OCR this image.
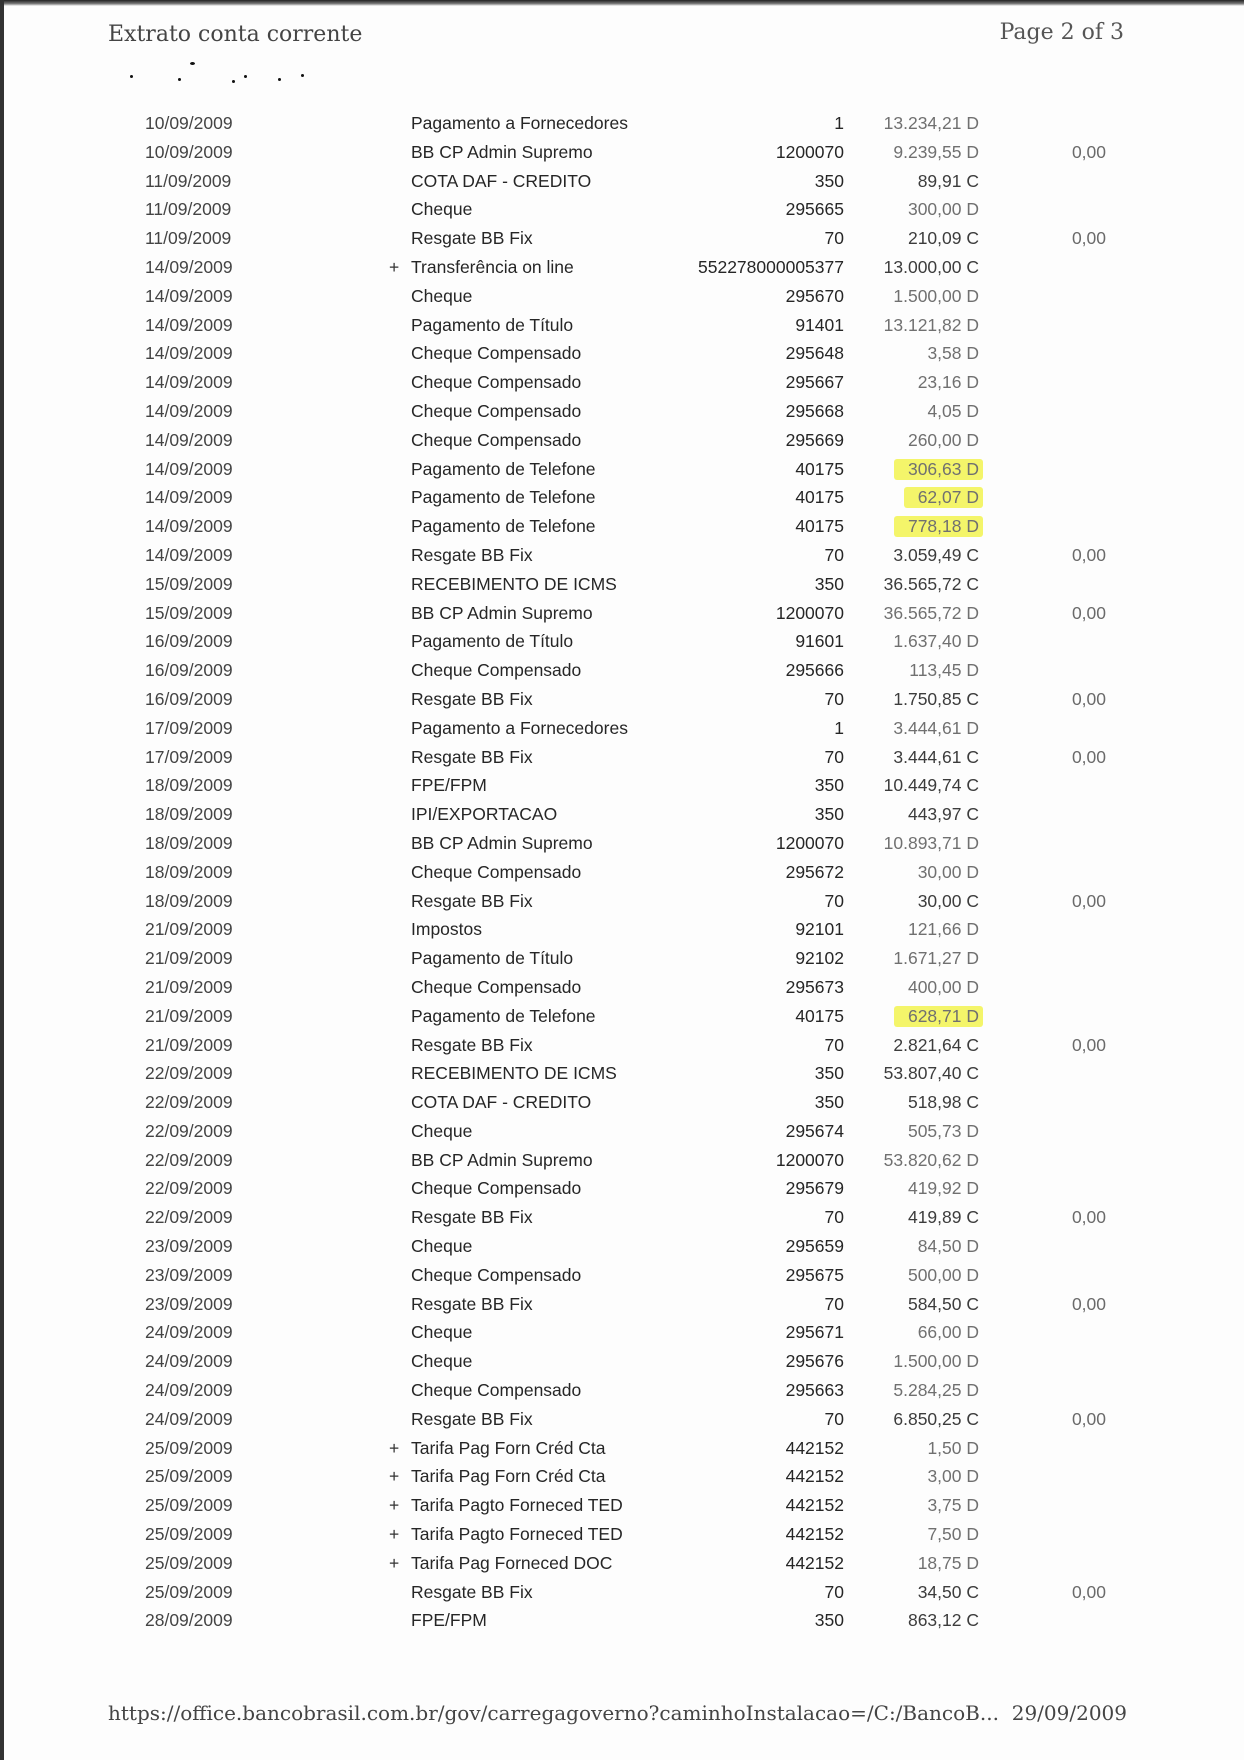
Extrato conta corrente	Page 2 of 3
10/09/2009	Pagamento a Fornecedores	1 13.234,21 D
10/09/2009	BB CP Admin Supremo	1200070	9.239,55 D	0,00
11/09/2009	COTA DAF - CREDITO	350	89,91 C
11/09/2009	Cheque	295665	300,00 D
11/09/2009	Resgate BB Fix	70	210,09 C	0,00
14/09/2009	+ Transferência on line	552278000005377 13.000,00 C
14/09/2009	Cheque	295670	1.500,00 D
14/09/2009	Pagamento de Título	91401 13.121,82 D
14/09/2009	Cheque Compensado	295648	3,58 D
14/09/2009	Cheque Compensado	295667	23,16 D
14/09/2009	Cheque Compensado	295668	4,05 D
14/09/2009	Cheque Compensado	295669	260,00 D
14/09/2009	Pagamento de Telefone	40175	306,63 D
14/09/2009	Pagamento de Telefone	40175	62,07 D
14/09/2009	Pagamento de Telefone	40175	778,18 D
14/09/2009	Resgate BB Fix	70	3.059,49 C	0,00
15/09/2009	RECEBIMENTO DE ICMS	350 36.565,72 C
15/09/2009	BB CP Admin Supremo	1200070 36.565,72 D	0,00
16/09/2009	Pagamento de Título	91601	1.637,40 D
16/09/2009	Cheque Compensado	295666	113,45 D
16/09/2009	Resgate BB Fix	70	1.750,85 C	0,00
17/09/2009	Pagamento a Fornecedores	1	3.444,61 D
17/09/2009	Resgate BB Fix	70	3.444,61 C	0,00
18/09/2009	FPE/FPM	350 10.449,74 C
18/09/2009	IPI/EXPORTACAO	350	443,97 C
18/09/2009	BB CP Admin Supremo	1200070 10.893,71 D
18/09/2009	Cheque Compensado	295672	30,00 D
18/09/2009	Resgate BB Fix	70	30,00 C	0,00
21/09/2009	Impostos	92101	121,66 D
21/09/2009	Pagamento de Título	92102	1.671,27 D
21/09/2009	Cheque Compensado	295673	400,00 D
21/09/2009	Pagamento de Telefone	40175	628,71 D
21/09/2009	Resgate BB Fix	70	2.821,64 C	0,00
22/09/2009	RECEBIMENTO DE ICMS	350 53.807,40 C
22/09/2009	COTA DAF - CREDITO	350	518,98 C
22/09/2009	Cheque	295674	505,73 D
22/09/2009	BB CP Admin Supremo	1200070 53.820,62 D
22/09/2009	Cheque Compensado	295679	419,92 D
22/09/2009	Resgate BB Fix	70	419,89 C	0,00
23/09/2009	Cheque	295659	84,50 D
23/09/2009	Cheque Compensado	295675	500,00 D
23/09/2009	Resgate BB Fix	70	584,50 C	0,00
24/09/2009	Cheque	295671	66,00 D
24/09/2009	Cheque	295676	1.500,00 D
24/09/2009	Cheque Compensado	295663	5.284,25 D
24/09/2009	Resgate BB Fix	70	6.850,25 C	0,00
25/09/2009	+ Tarifa Pag Forn Créd Cta	442152	1,50 D
25/09/2009	+ Tarifa Pag Forn Créd Cta	442152	3,00 D
25/09/2009	+ Tarifa Pagto Forneced TED	442152	3,75 D
25/09/2009	+ Tarifa Pagto Forneced TED	442152	7,50 D
25/09/2009	+ Tarifa Pag Forneced DOC	442152	18,75 D
25/09/2009	Resgate BB Fix	70	34,50 C	0,00
28/09/2009	FPE/FPM	350	863,12 C
https://office.bancobrasil.com.br/gov/carregagoverno?caminhoInstalacao=/C:/BancoB... 29/09/2009
